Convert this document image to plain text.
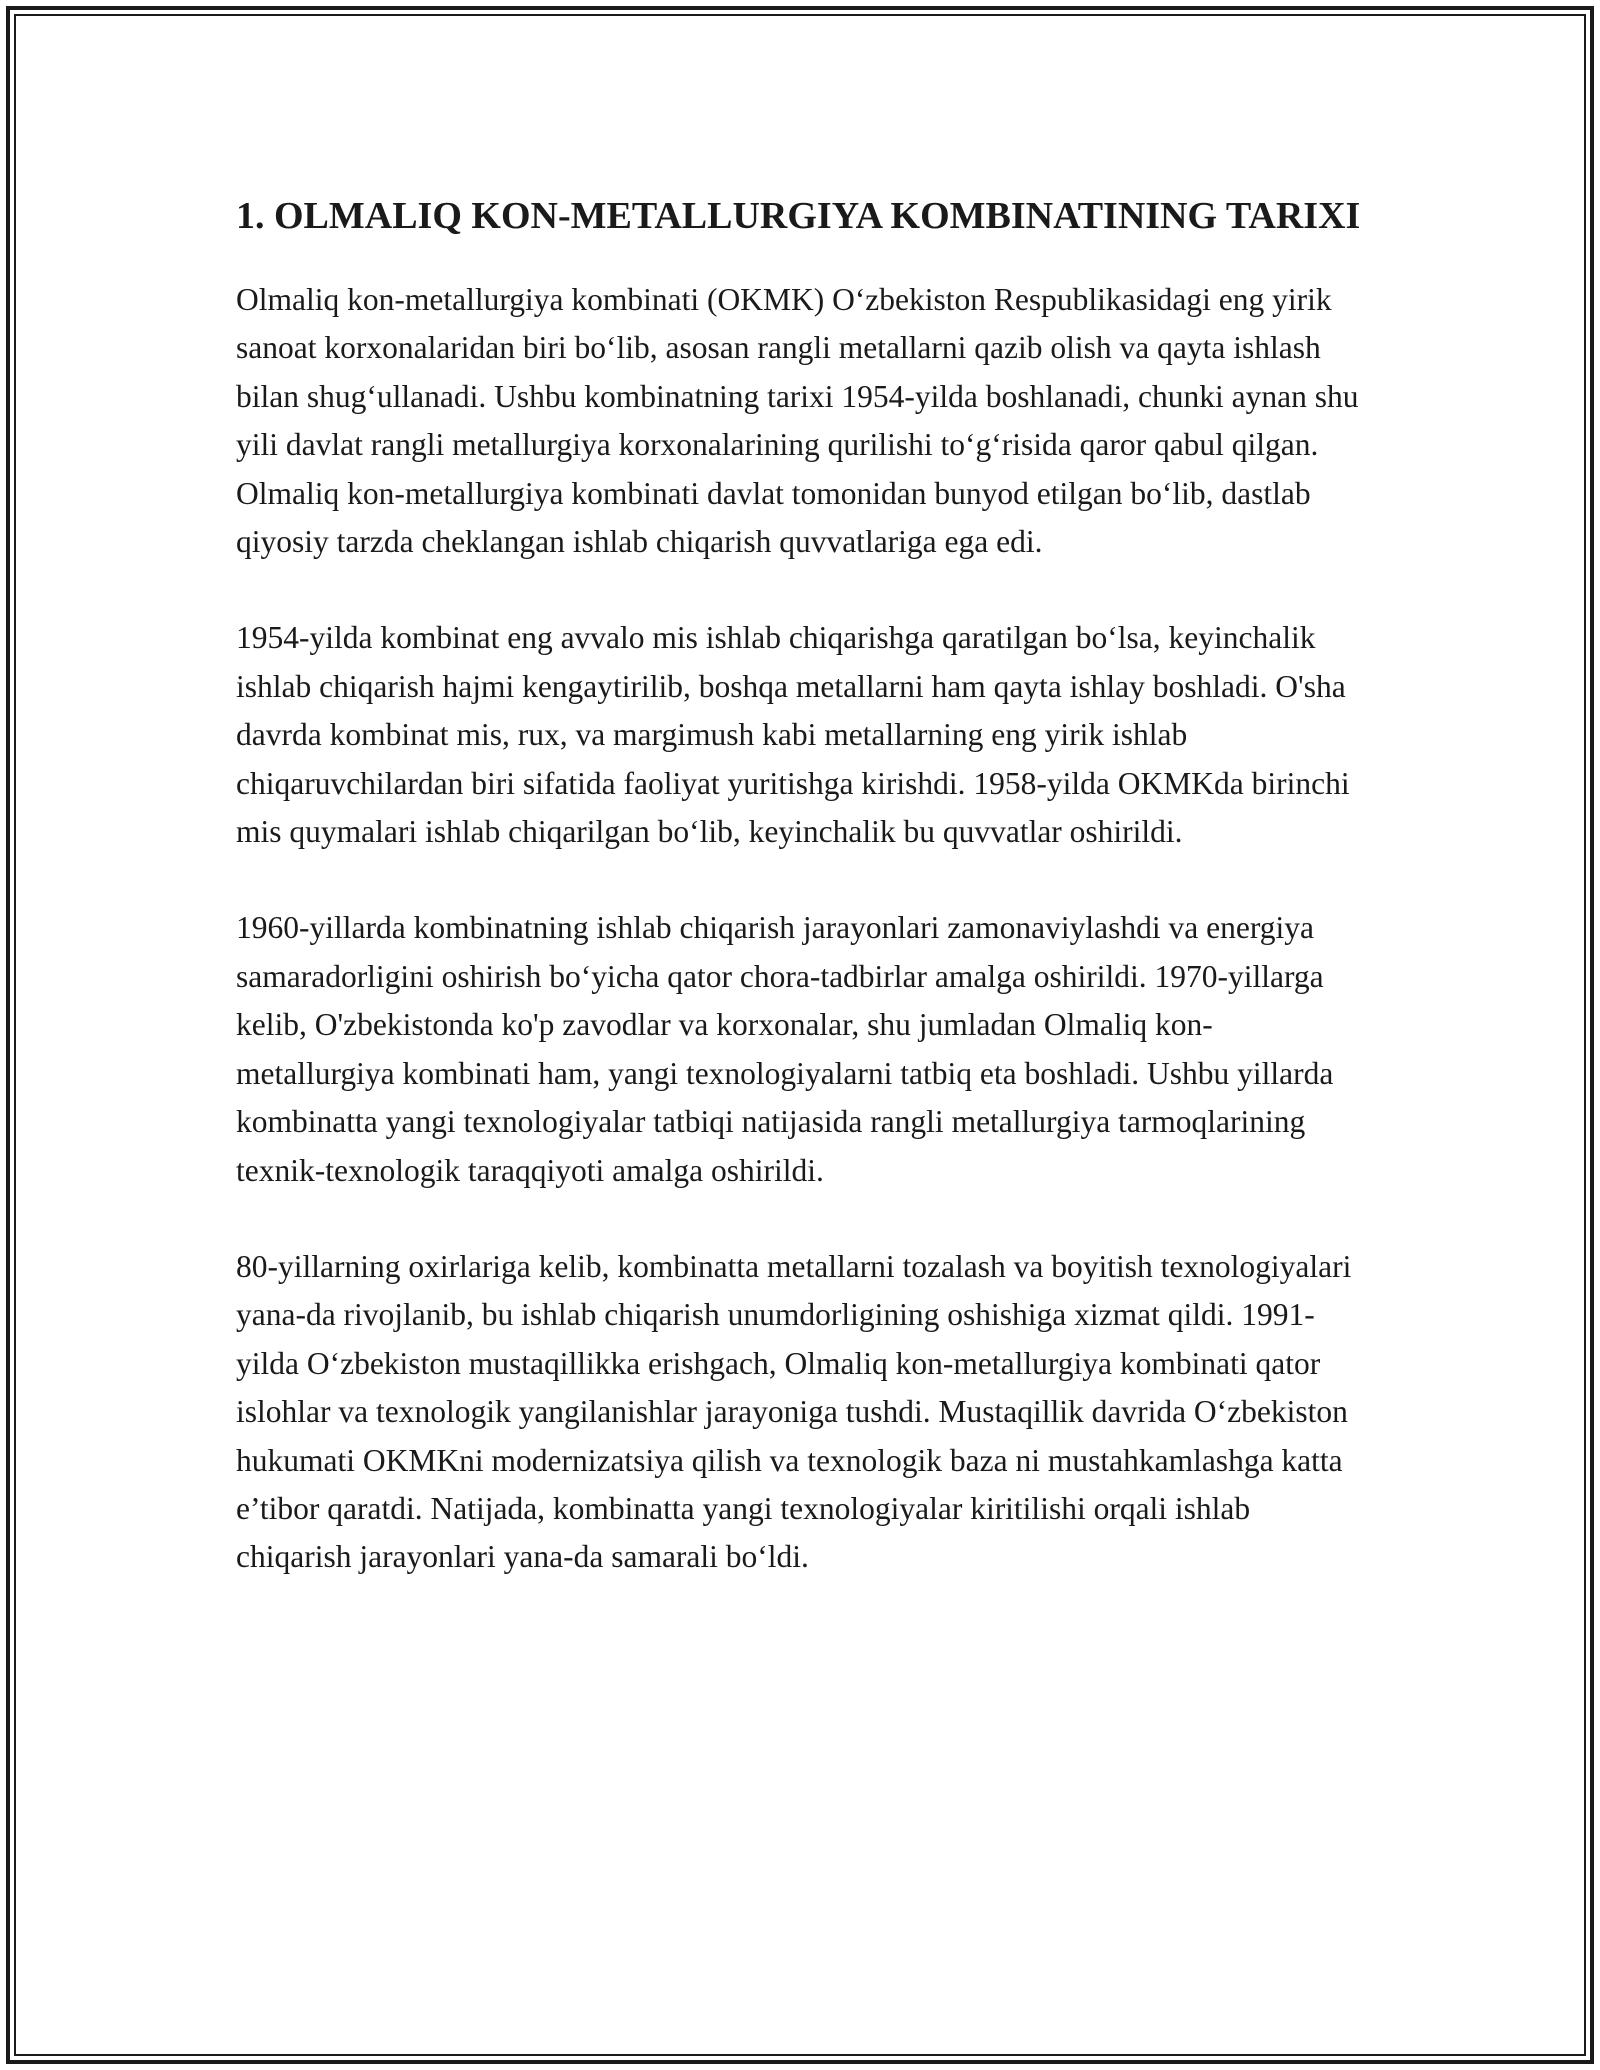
1. OLMALIQ KON-METALLURGIYA KOMBINATINING TARIXI

Olmaliq kon-metallurgiya kombinati (OKMK) O‘zbekiston Respublikasidagi eng yirik sanoat korxonalaridan biri bo‘lib, asosan rangli metallarni qazib olish va qayta ishlash bilan shug‘ullanadi. Ushbu kombinatning tarixi 1954-yilda boshlanadi, chunki aynan shu yili davlat rangli metallurgiya korxonalarining qurilishi to‘g‘risida qaror qabul qilgan. Olmaliq kon-metallurgiya kombinati davlat tomonidan bunyod etilgan bo‘lib, dastlab qiyosiy tarzda cheklangan ishlab chiqarish quvvatlariga ega edi.

1954-yilda kombinat eng avvalo mis ishlab chiqarishga qaratilgan bo‘lsa, keyinchalik ishlab chiqarish hajmi kengaytirilib, boshqa metallarni ham qayta ishlay boshladi. O'sha davrda kombinat mis, rux, va margimush kabi metallarning eng yirik ishlab chiqaruvchilardan biri sifatida faoliyat yuritishga kirishdi. 1958-yilda OKMKda birinchi mis quymalari ishlab chiqarilgan bo‘lib, keyinchalik bu quvvatlar oshirildi.

1960-yillarda kombinatning ishlab chiqarish jarayonlari zamonaviylashdi va energiya samaradorligini oshirish bo‘yicha qator chora-tadbirlar amalga oshirildi. 1970-yillarga kelib, O'zbekistonda ko'p zavodlar va korxonalar, shu jumladan Olmaliq kon-metallurgiya kombinati ham, yangi texnologiyalarni tatbiq eta boshladi. Ushbu yillarda kombinatta yangi texnologiyalar tatbiqi natijasida rangli metallurgiya tarmoqlarining texnik-texnologik taraqqiyoti amalga oshirildi.

80-yillarning oxirlariga kelib, kombinatta metallarni tozalash va boyitish texnologiyalari yana-da rivojlanib, bu ishlab chiqarish unumdorligining oshishiga xizmat qildi. 1991-yilda O‘zbekiston mustaqillikka erishgach, Olmaliq kon-metallurgiya kombinati qator islohlar va texnologik yangilanishlar jarayoniga tushdi. Mustaqillik davrida O‘zbekiston hukumati OKMKni modernizatsiya qilish va texnologik baza ni mustahkamlashga katta e’tibor qaratdi. Natijada, kombinatta yangi texnologiyalar kiritilishi orqali ishlab chiqarish jarayonlari yana-da samarali bo‘ldi.
